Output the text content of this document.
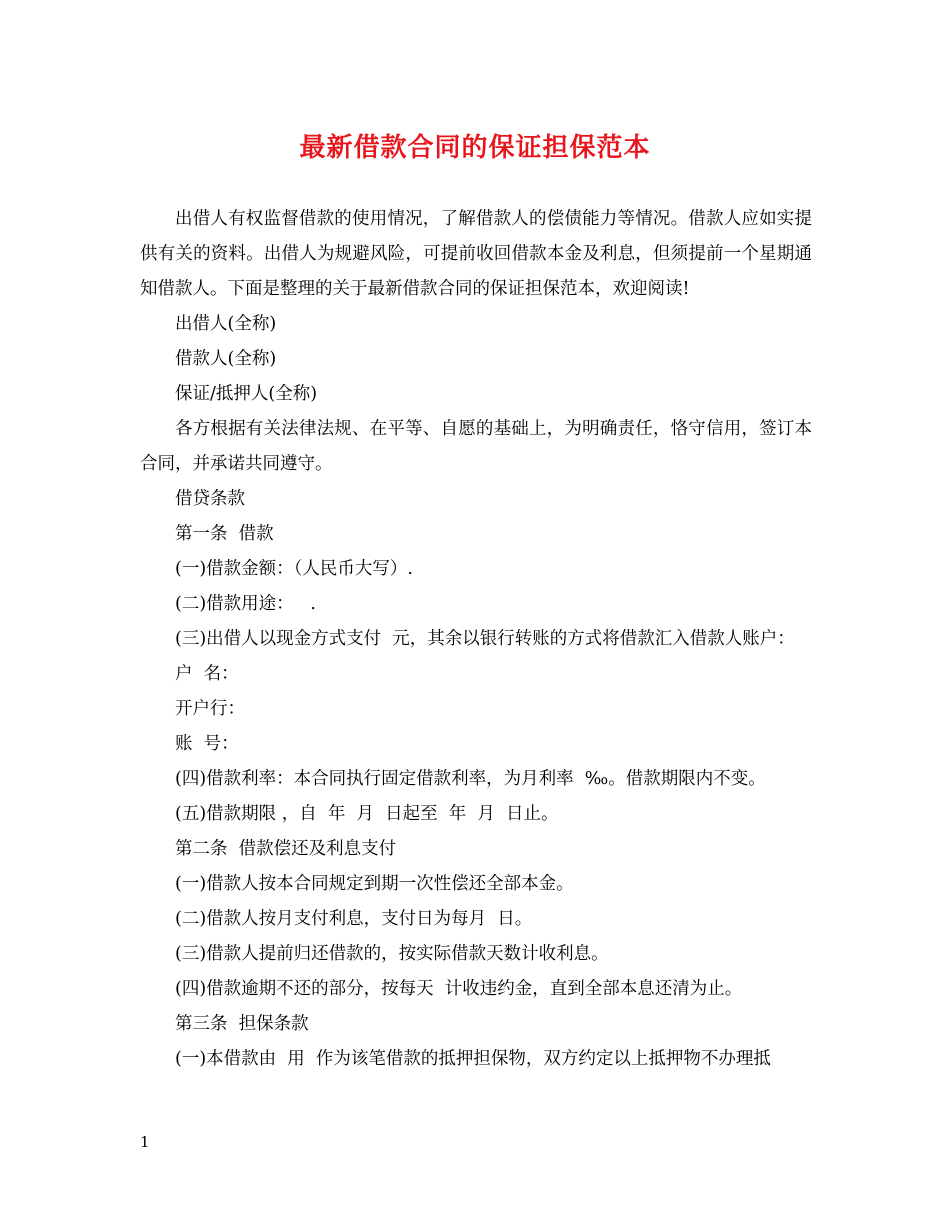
最新借款合同的保证担保范本

出借人有权监督借款的使用情况，了解借款人的偿债能力等情况。借款人应如实提供有关的资料。出借人为规避风险，可提前收回借款本金及利息，但须提前一个星期通知借款人。下面是整理的关于最新借款合同的保证担保范本，欢迎阅读!

出借人(全称)

借款人(全称)

保证/抵押人(全称)

各方根据有关法律法规、在平等、自愿的基础上，为明确责任，恪守信用，签订本合同，并承诺共同遵守。

借贷条款

第一条  借款

(一)借款金额：（人民币大写）.

(二)借款用途：   .

(三)出借人以现金方式支付  元，其余以银行转账的方式将借款汇入借款人账户：

户  名：

开户行：

账  号：

(四)借款利率：本合同执行固定借款利率，为月利率  ‰。借款期限内不变。

(五)借款期限 ，自  年  月  日起至  年  月  日止。

第二条  借款偿还及利息支付

(一)借款人按本合同规定到期一次性偿还全部本金。

(二)借款人按月支付利息，支付日为每月  日。

(三)借款人提前归还借款的，按实际借款天数计收利息。

(四)借款逾期不还的部分，按每天  计收违约金，直到全部本息还清为止。

第三条  担保条款

(一)本借款由  用  作为该笔借款的抵押担保物，双方约定以上抵押物不办理抵

1
